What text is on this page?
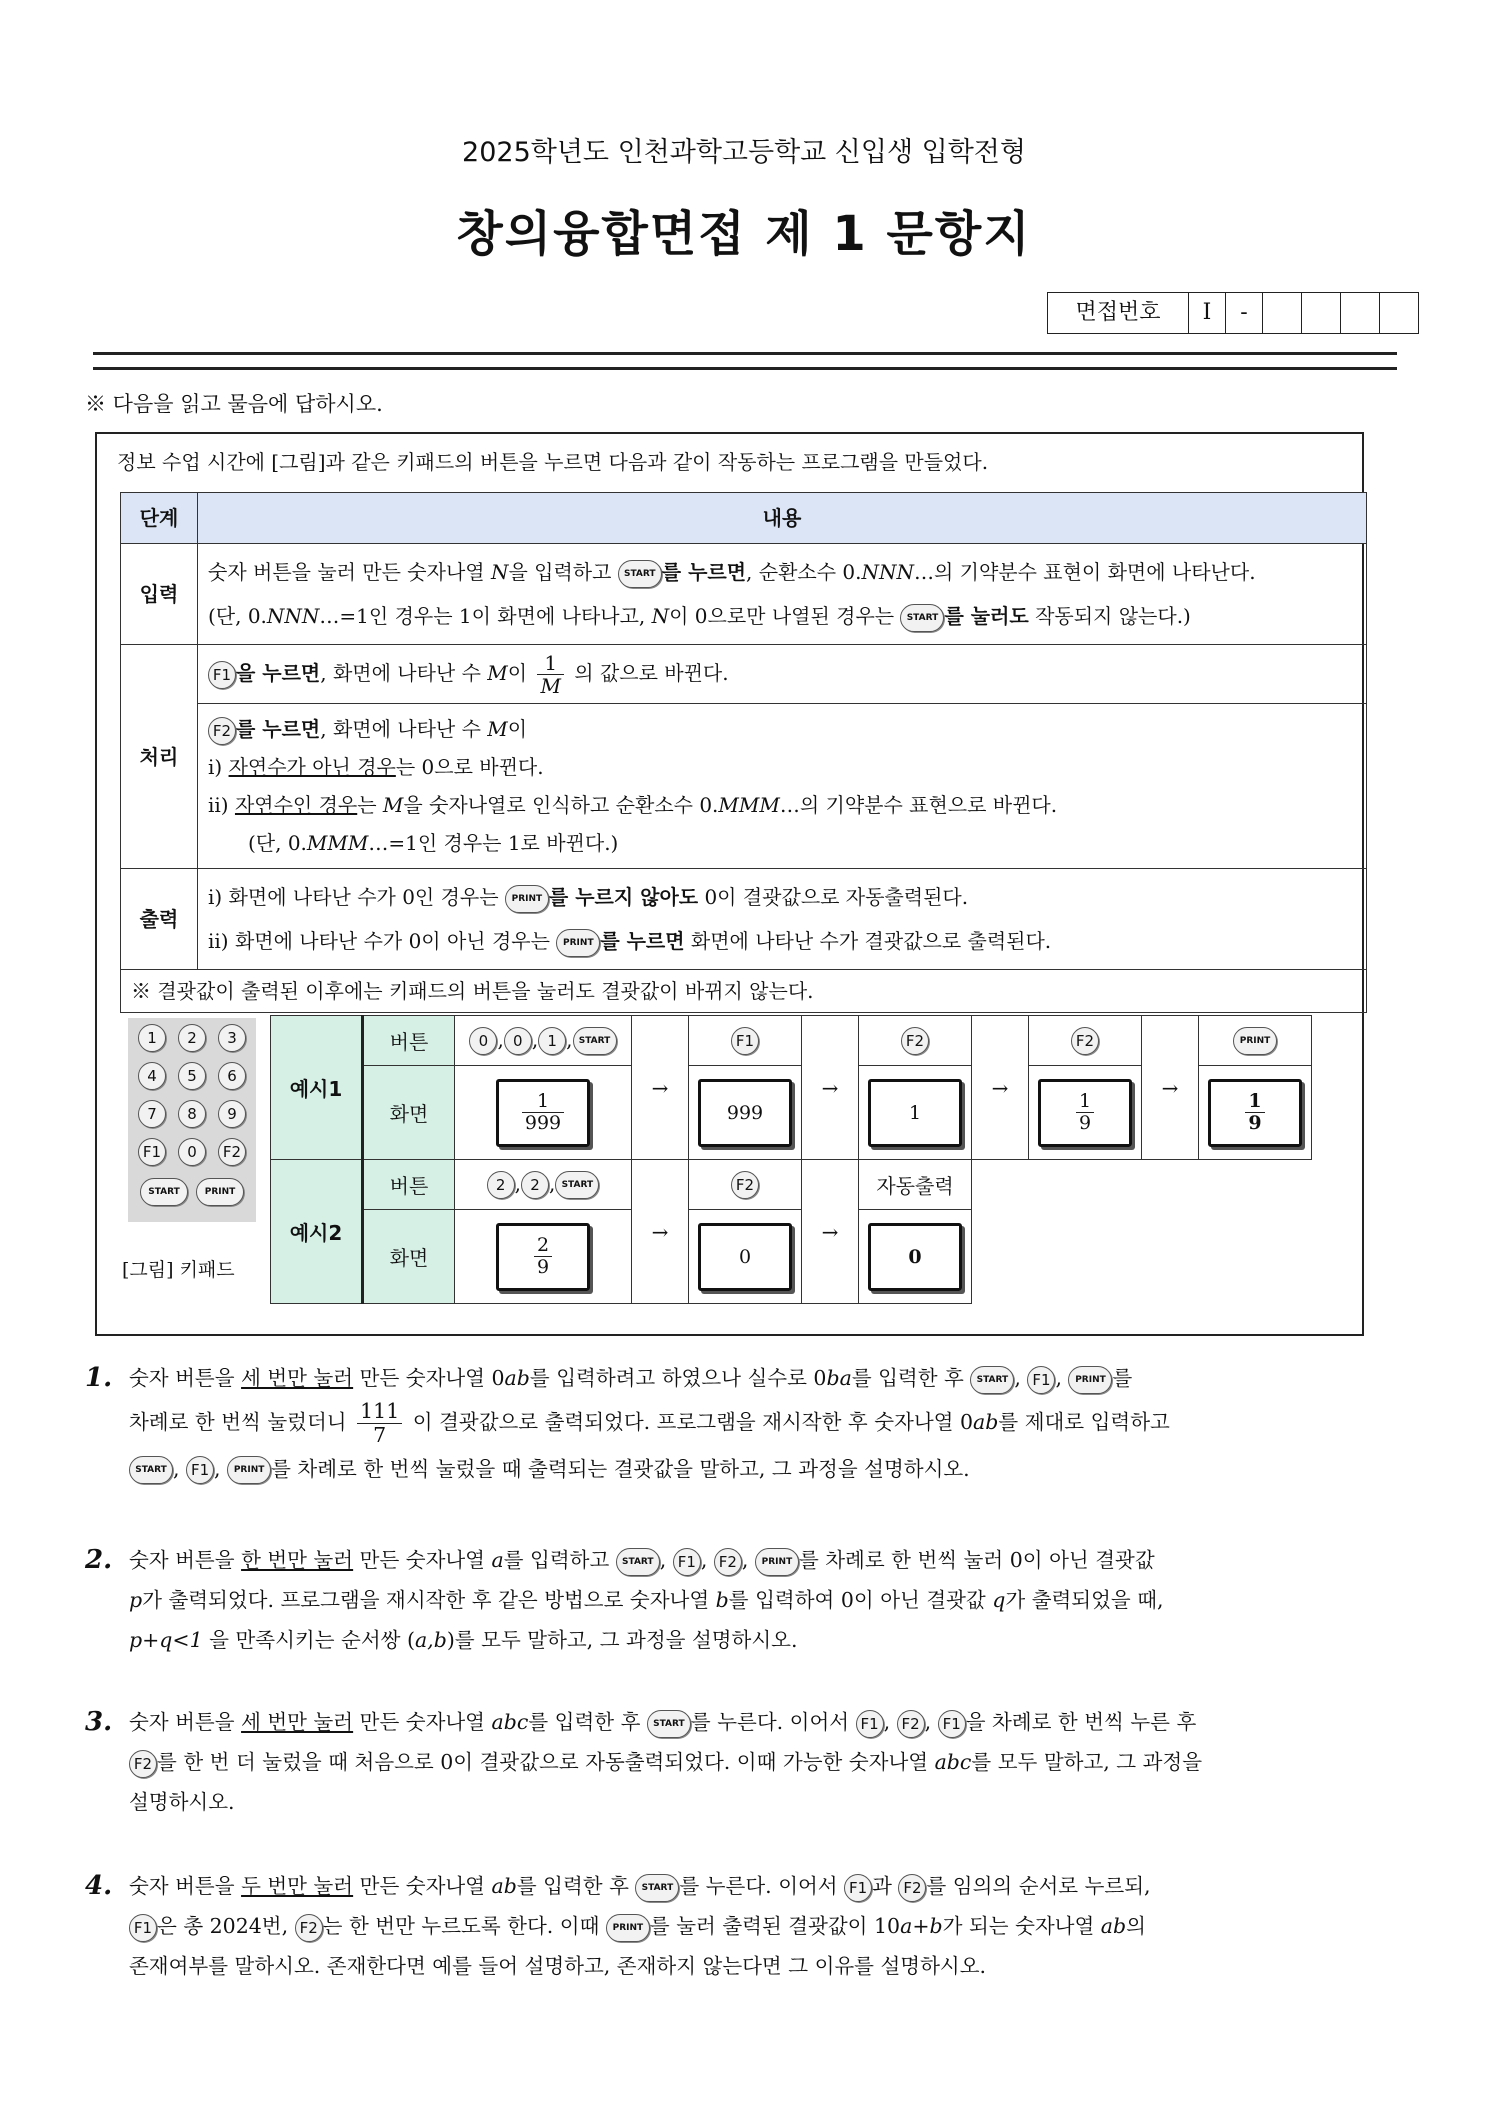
2025학년도 인천과학고등학교 신입생 입학전형
창의융합면접 제 1 문항지
면접번호	I	-
※ 다음을 읽고 물음에 답하시오.
정보 수업 시간에 [그림]과 같은 키패드의 버튼을 누르면 다음과 같이 작동하는 프로그램을 만들었다.
단계	내용
입력	숫자 버튼을 눌러 만든 숫자나열 N을 입력하고 START 를 누르면, 순환소수 0.NNN…의 기약분수 표현이 화면에 나타난다.
(단, 0.NNN…=1인 경우는 1이 화면에 나타나고, N이 0으로만 나열된 경우는 START 를 눌러도 작동되지 않는다.)
처리	F1 을 누르면, 화면에 나타난 수 M이 $\frac{1}{M}$ 의 값으로 바뀐다.
	F2 를 누르면, 화면에 나타난 수 M이
ⅰ) 자연수가 아닌 경우는 0으로 바뀐다.
ⅱ) 자연수인 경우는 M을 숫자나열로 인식하고 순환소수 0.MMM…의 기약분수 표현으로 바뀐다.
(단, 0.MMM…=1인 경우는 1로 바뀐다.)
출력	ⅰ) 화면에 나타난 수가 0인 경우는 PRINT 를 누르지 않아도 0이 결괏값으로 자동출력된다.
ⅱ) 화면에 나타난 수가 0이 아닌 경우는 PRINT 를 누르면 화면에 나타난 수가 결괏값으로 출력된다.
※ 결괏값이 출력된 이후에는 키패드의 버튼을 눌러도 결괏값이 바뀌지 않는다.	
1	2	3
4	5	6
7	8	9
F1	0	F2
START	PRINT
[그림] 키패드
예시1	버튼	0 , 0 , 1 , START	→	F1	→	F2	→	F2	→	PRINT
	화면	$\frac{1}{999}$		999		1		$\frac{1}{9}$		$\frac{1}{9}$

예시2	버튼	2 , 2 , START	→	F2	→	자동출력				
	화면	$\frac{2}{9}$		0		0				
1. 숫자 버튼을 세 번만 눌러 만든 숫자나열 0ab를 입력하려고 하였으나 실수로 0ba를 입력한 후 START , F1 , PRINT 를
차례로 한 번씩 눌렀더니 $\frac{111}{7}$ 이 결괏값으로 출력되었다. 프로그램을 재시작한 후 숫자나열 0ab를 제대로 입력하고
START , F1 , PRINT 를 차례로 한 번씩 눌렀을 때 출력되는 결괏값을 말하고, 그 과정을 설명하시오.
2. 숫자 버튼을 한 번만 눌러 만든 숫자나열 a를 입력하고 START , F1 , F2 , PRINT 를 차례로 한 번씩 눌러 0이 아닌 결괏값
p가 출력되었다. 프로그램을 재시작한 후 같은 방법으로 숫자나열 b를 입력하여 0이 아닌 결괏값 q가 출력되었을 때,
p+q<1 을 만족시키는 순서쌍 (a,b)를 모두 말하고, 그 과정을 설명하시오.
3. 숫자 버튼을 세 번만 눌러 만든 숫자나열 abc를 입력한 후 START 를 누른다. 이어서 F1 , F2 , F1 을 차례로 한 번씩 누른 후
F2 를 한 번 더 눌렀을 때 처음으로 0이 결괏값으로 자동출력되었다. 이때 가능한 숫자나열 abc를 모두 말하고, 그 과정을
설명하시오.
4. 숫자 버튼을 두 번만 눌러 만든 숫자나열 ab를 입력한 후 START 를 누른다. 이어서 F1 과 F2 를 임의의 순서로 누르되,
F1 은 총 2024번, F2 는 한 번만 누르도록 한다. 이때 PRINT 를 눌러 출력된 결괏값이 10a+b가 되는 숫자나열 ab의
존재여부를 말하시오. 존재한다면 예를 들어 설명하고, 존재하지 않는다면 그 이유를 설명하시오.
